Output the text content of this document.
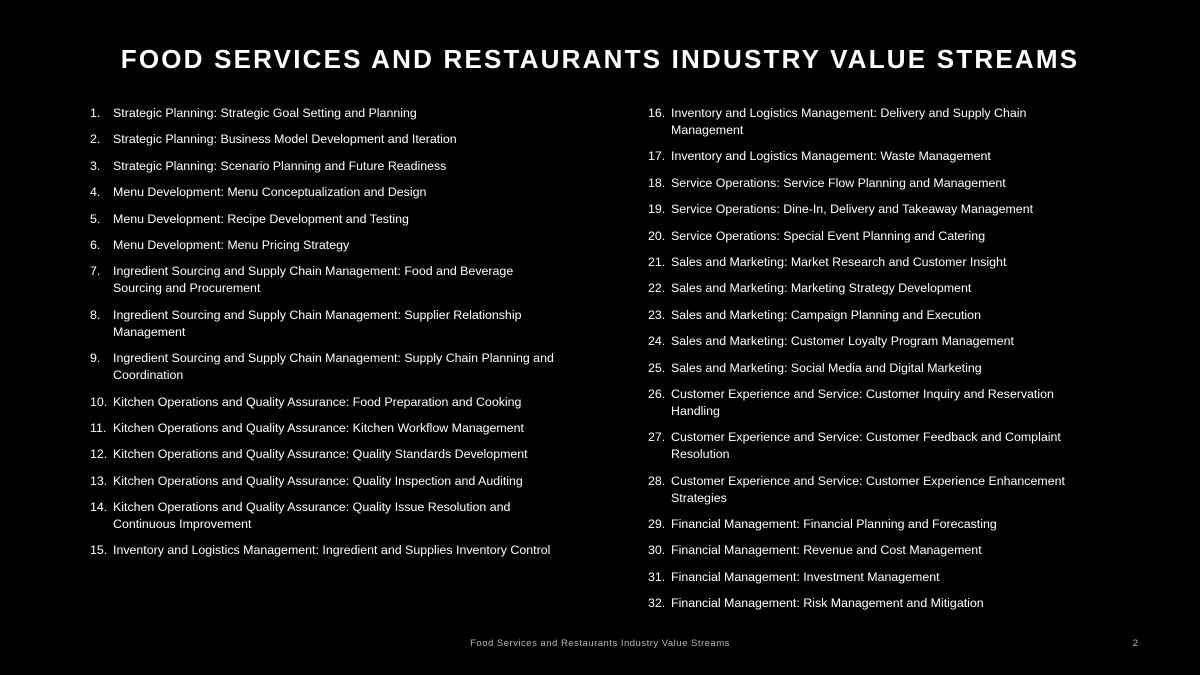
FOOD SERVICES AND RESTAURANTS INDUSTRY VALUE STREAMS
1.	Strategic Planning: Strategic Goal Setting and Planning
2.	Strategic Planning: Business Model Development and Iteration
3.	Strategic Planning: Scenario Planning and Future Readiness
4.	Menu Development: Menu Conceptualization and Design
5.	Menu Development: Recipe Development and Testing
6.	Menu Development: Menu Pricing Strategy
7.	Ingredient Sourcing and Supply Chain Management: Food and Beverage Sourcing and Procurement
8.	Ingredient Sourcing and Supply Chain Management: Supplier Relationship Management
9.	Ingredient Sourcing and Supply Chain Management: Supply Chain Planning and Coordination
10. Kitchen Operations and Quality Assurance: Food Preparation and Cooking
11. Kitchen Operations and Quality Assurance: Kitchen Workflow Management
12. Kitchen Operations and Quality Assurance: Quality Standards Development
13. Kitchen Operations and Quality Assurance: Quality Inspection and Auditing
14. Kitchen Operations and Quality Assurance: Quality Issue Resolution and Continuous Improvement
15. Inventory and Logistics Management: Ingredient and Supplies Inventory Control
16. Inventory and Logistics Management: Delivery and Supply Chain Management
17. Inventory and Logistics Management: Waste Management
18. Service Operations: Service Flow Planning and Management
19. Service Operations: Dine-In, Delivery and Takeaway Management
20. Service Operations: Special Event Planning and Catering
21. Sales and Marketing: Market Research and Customer Insight
22. Sales and Marketing: Marketing Strategy Development
23. Sales and Marketing: Campaign Planning and Execution
24. Sales and Marketing: Customer Loyalty Program Management
25. Sales and Marketing: Social Media and Digital Marketing
26. Customer Experience and Service: Customer Inquiry and Reservation Handling
27. Customer Experience and Service: Customer Feedback and Complaint Resolution
28. Customer Experience and Service: Customer Experience Enhancement Strategies
29. Financial Management: Financial Planning and Forecasting
30. Financial Management: Revenue and Cost Management
31. Financial Management: Investment Management
32. Financial Management: Risk Management and Mitigation
Food Services and Restaurants Industry Value Streams	2
